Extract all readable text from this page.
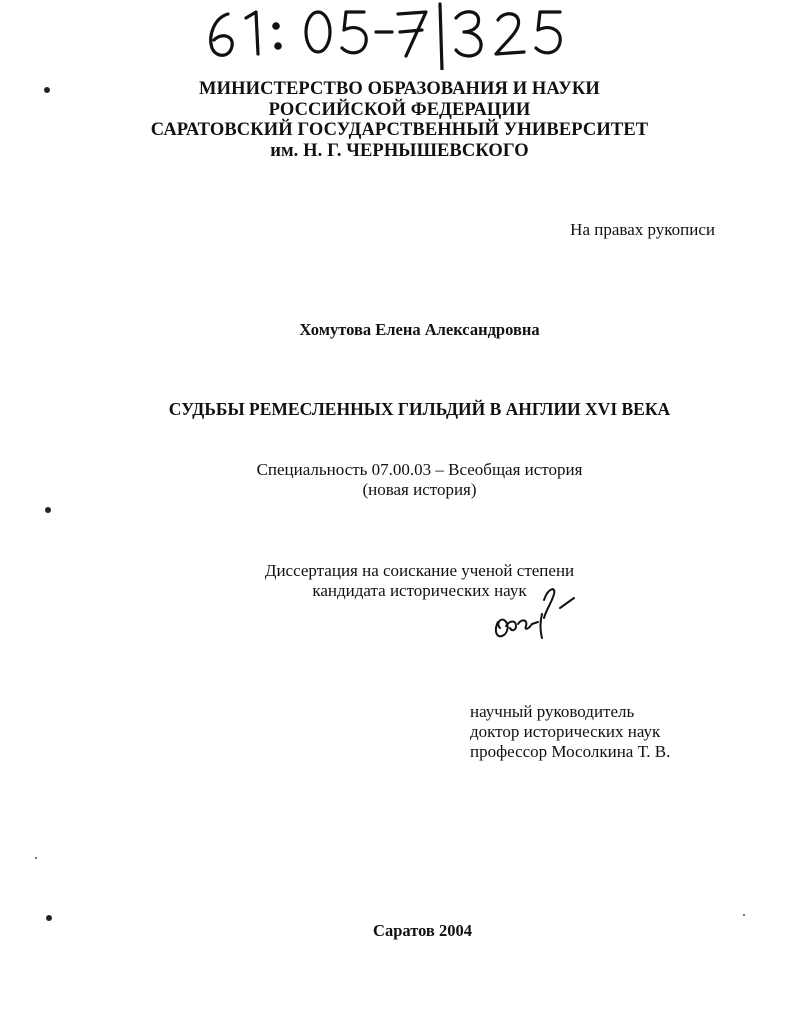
МИНИСТЕРСТВО ОБРАЗОВАНИЯ И НАУКИ
РОССИЙСКОЙ ФЕДЕРАЦИИ
САРАТОВСКИЙ ГОСУДАРСТВЕННЫЙ УНИВЕРСИТЕТ
им. Н. Г. ЧЕРНЫШЕВСКОГО
На правах рукописи
Хомутова Елена Александровна
СУДЬБЫ РЕМЕСЛЕННЫХ ГИЛЬДИЙ В АНГЛИИ XVI ВЕКА
Специальность 07.00.03 – Всеобщая история
(новая история)
Диссертация на соискание ученой степени
кандидата исторических наук
научный руководитель
доктор исторических наук
профессор Мосолкина Т. В.
Саратов 2004
